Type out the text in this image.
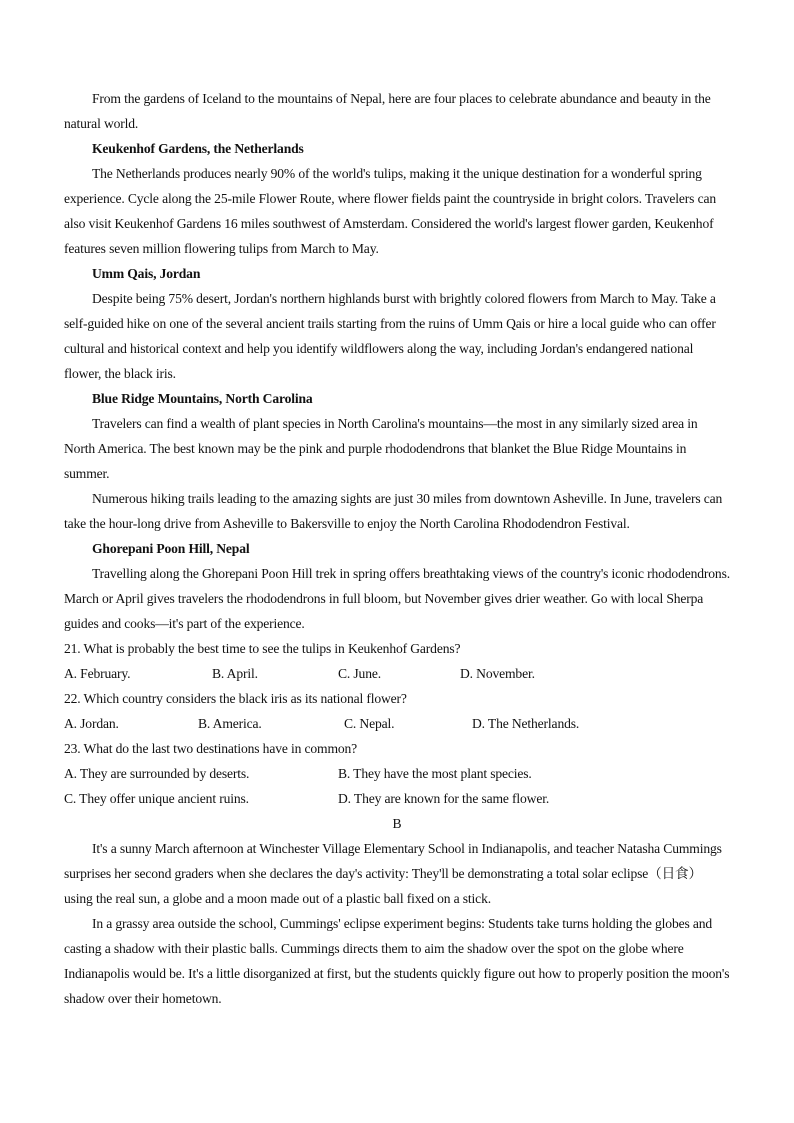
From the gardens of Iceland to the mountains of Nepal, here are four places to celebrate abundance and beauty in the natural world.

Keukenhof Gardens, the Netherlands

The Netherlands produces nearly 90% of the world's tulips, making it the unique destination for a wonderful spring experience. Cycle along the 25-mile Flower Route, where flower fields paint the countryside in bright colors. Travelers can also visit Keukenhof Gardens 16 miles southwest of Amsterdam. Considered the world's largest flower garden, Keukenhof features seven million flowering tulips from March to May.

Umm Qais, Jordan

Despite being 75% desert, Jordan's northern highlands burst with brightly colored flowers from March to May. Take a self-guided hike on one of the several ancient trails starting from the ruins of Umm Qais or hire a local guide who can offer cultural and historical context and help you identify wildflowers along the way, including Jordan's endangered national flower, the black iris.

Blue Ridge Mountains, North Carolina

Travelers can find a wealth of plant species in North Carolina's mountains—the most in any similarly sized area in North America. The best known may be the pink and purple rhododendrons that blanket the Blue Ridge Mountains in summer.

Numerous hiking trails leading to the amazing sights are just 30 miles from downtown Asheville. In June, travelers can take the hour-long drive from Asheville to Bakersville to enjoy the North Carolina Rhododendron Festival.

Ghorepani Poon Hill, Nepal

Travelling along the Ghorepani Poon Hill trek in spring offers breathtaking views of the country's iconic rhododendrons. March or April gives travelers the rhododendrons in full bloom, but November gives drier weather. Go with local Sherpa guides and cooks—it's part of the experience.

21. What is probably the best time to see the tulips in Keukenhof Gardens?

A. February.	B. April.	C. June.	D. November.

22. Which country considers the black iris as its national flower?

A. Jordan.	B. America.	C. Nepal.	D. The Netherlands.

23. What do the last two destinations have in common?

A. They are surrounded by deserts.	B. They have the most plant species.
C. They offer unique ancient ruins.	D. They are known for the same flower.

B

It's a sunny March afternoon at Winchester Village Elementary School in Indianapolis, and teacher Natasha Cummings surprises her second graders when she declares the day's activity: They'll be demonstrating a total solar eclipse（日食）using the real sun, a globe and a moon made out of a plastic ball fixed on a stick.

In a grassy area outside the school, Cummings' eclipse experiment begins: Students take turns holding the globes and casting a shadow with their plastic balls. Cummings directs them to aim the shadow over the spot on the globe where Indianapolis would be. It's a little disorganized at first, but the students quickly figure out how to properly position the moon's shadow over their hometown.
